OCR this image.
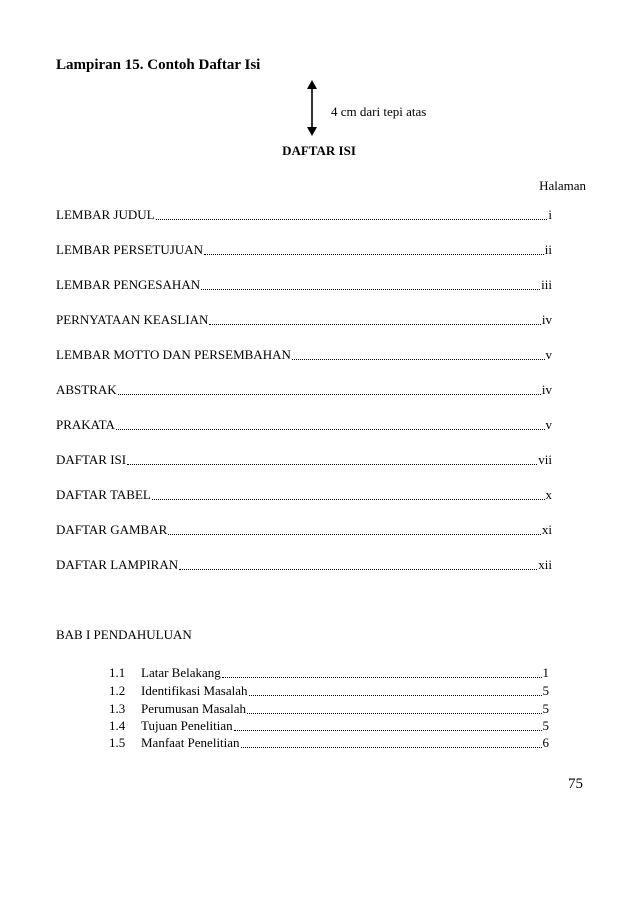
Lampiran 15. Contoh Daftar Isi
4 cm dari tepi atas
DAFTAR ISI
Halaman
LEMBAR JUDUL	i
LEMBAR PERSETUJUAN	ii
LEMBAR PENGESAHAN	iii
PERNYATAAN KEASLIAN	iv
LEMBAR MOTTO DAN PERSEMBAHAN	v
ABSTRAK	iv
PRAKATA	v
DAFTAR ISI	vii
DAFTAR TABEL	x
DAFTAR GAMBAR	xi
DAFTAR LAMPIRAN	xii
BAB I PENDAHULUAN
1.1	Latar Belakang	1
1.2	Identifikasi Masalah	5
1.3	Perumusan Masalah	5
1.4	Tujuan Penelitian	5
1.5	Manfaat Penelitian	6
75
